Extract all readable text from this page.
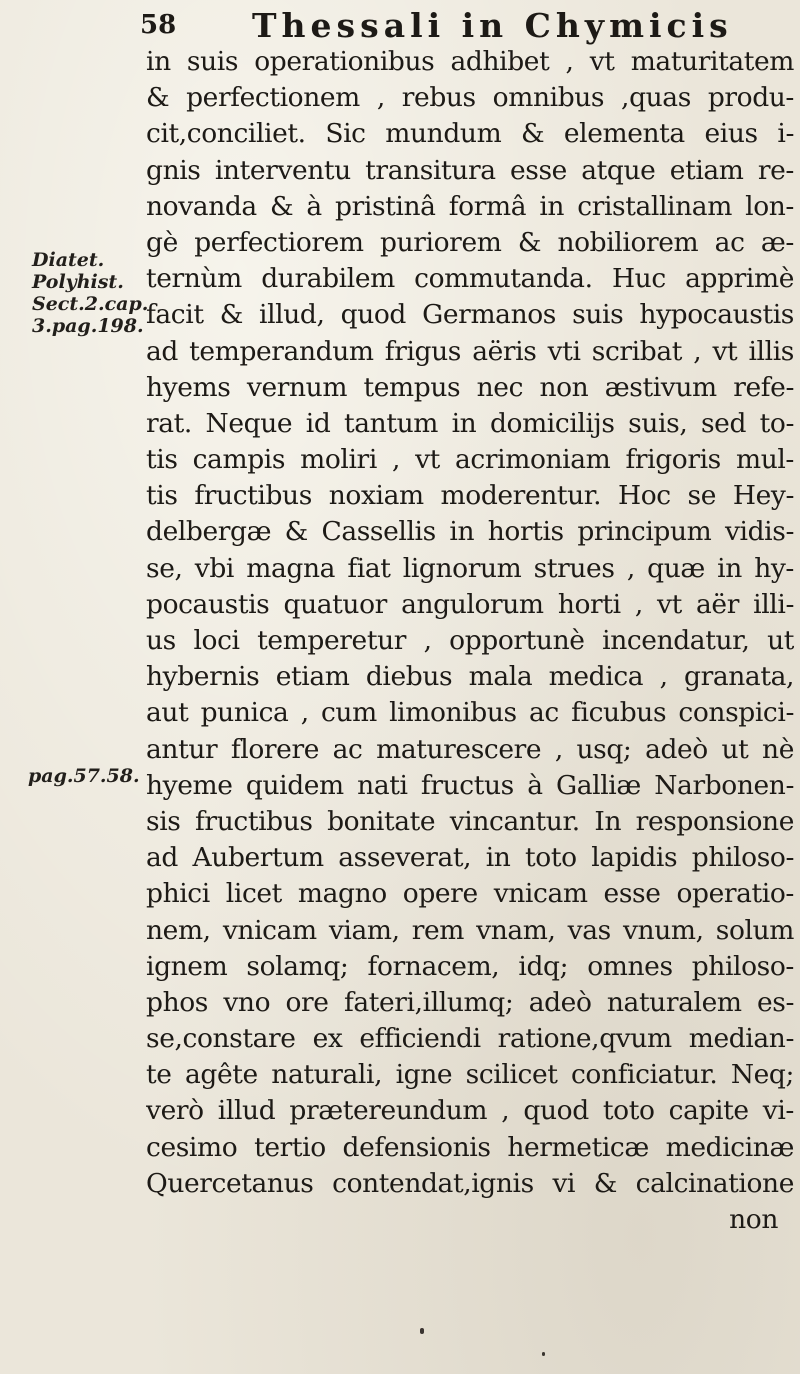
58 Thessali in Chymicis
Diatet.
Polyhist.
Sect.2.cap.
3.pag.198.
pag.57.58.
in suis operationibus adhibet , vt maturitatem
& perfectionem , rebus omnibus ,quas produ-
cit,conciliet. Sic mundum & elementa eius i-
gnis interventu transitura esse atque etiam re-
novanda & à pristinâ formâ in cristallinam lon-
gè perfectiorem puriorem & nobiliorem ac æ-
ternùm durabilem commutanda. Huc apprimè
facit & illud, quod Germanos suis hypocaustis
ad temperandum frigus aëris vti scribat , vt illis
hyems vernum tempus nec non æstivum refe-
rat. Neque id tantum in domicilijs suis, sed to-
tis campis moliri , vt acrimoniam frigoris mul-
tis fructibus noxiam moderentur. Hoc se Hey-
delbergæ & Cassellis in hortis principum vidis-
se, vbi magna fiat lignorum strues , quæ in hy-
pocaustis quatuor angulorum horti , vt aër illi-
us loci temperetur , opportunè incendatur, ut
hybernis etiam diebus mala medica , granata,
aut punica , cum limonibus ac ficubus conspici-
antur florere ac maturescere , usq; adeò ut nè
hyeme quidem nati fructus à Galliæ Narbonen-
sis fructibus bonitate vincantur. In responsione
ad Aubertum asseverat, in toto lapidis philoso-
phici licet magno opere vnicam esse operatio-
nem, vnicam viam, rem vnam, vas vnum, solum
ignem solamq; fornacem, idq; omnes philoso-
phos vno ore fateri,illumq; adeò naturalem es-
se,constare ex efficiendi ratione,qvum median-
te agête naturali, igne scilicet conficiatur. Neq;
verò illud prætereundum , quod toto capite vi-
cesimo tertio defensionis hermeticæ medicinæ
Quercetanus contendat,ignis vi & calcinatione
non
